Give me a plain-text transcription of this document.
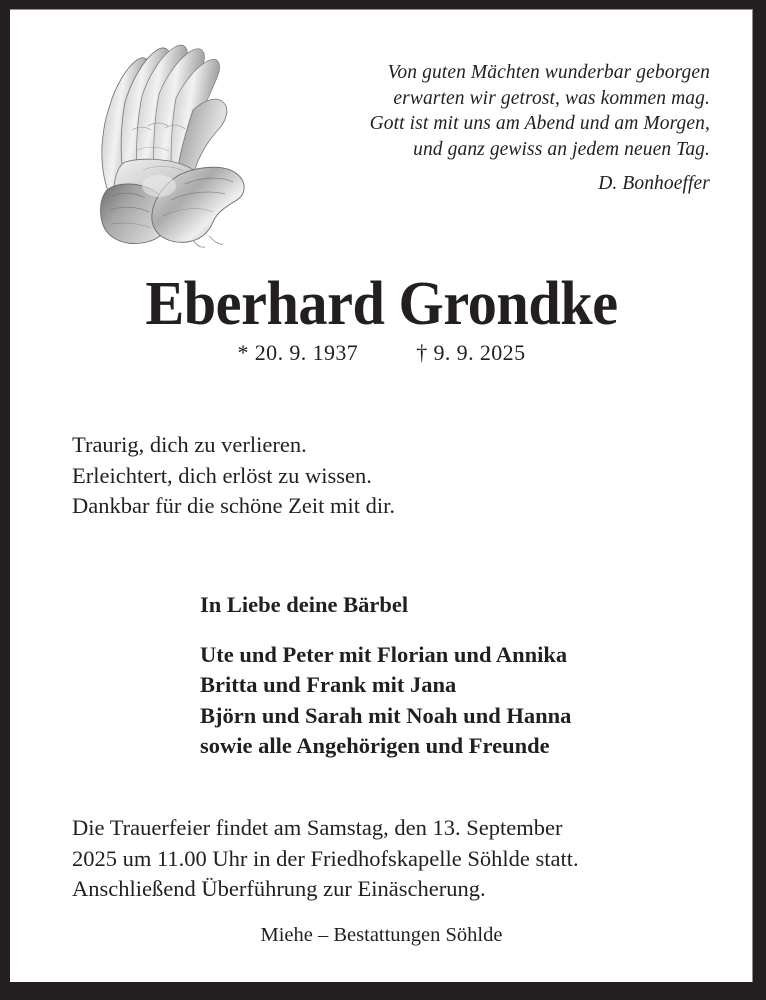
Von guten Mächten wunderbar geborgen
erwarten wir getrost, was kommen mag.
Gott ist mit uns am Abend und am Morgen,
und ganz gewiss an jedem neuen Tag.
D. Bonhoeffer
Eberhard Grondke
* 20. 9. 1937	† 9. 9. 2025
Traurig, dich zu verlieren.
Erleichtert, dich erlöst zu wissen.
Dankbar für die schöne Zeit mit dir.
In Liebe deine Bärbel
Ute und Peter mit Florian und Annika
Britta und Frank mit Jana
Björn und Sarah mit Noah und Hanna
sowie alle Angehörigen und Freunde
Die Trauerfeier findet am Samstag, den 13. September
2025 um 11.00 Uhr in der Friedhofskapelle Söhlde statt.
Anschließend Überführung zur Einäscherung.
Miehe – Bestattungen Söhlde
